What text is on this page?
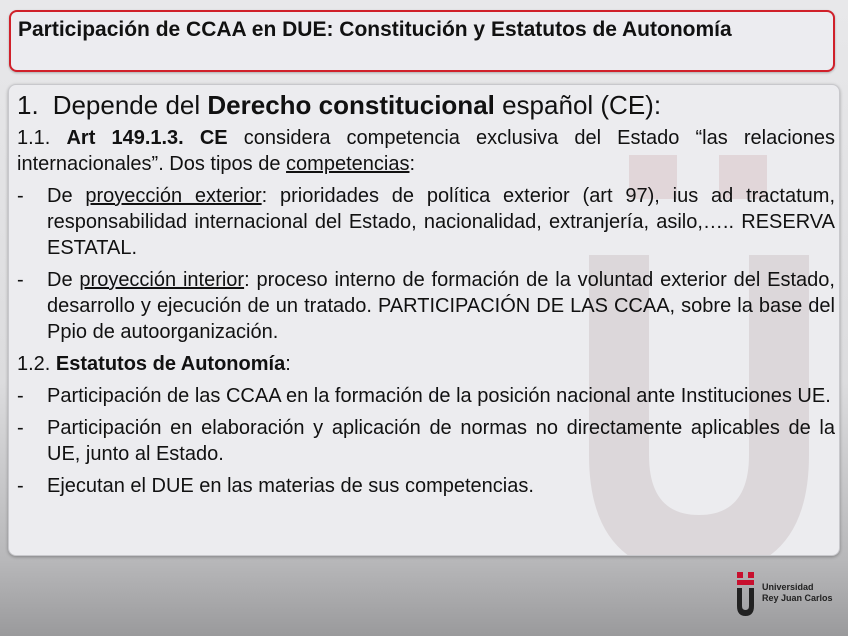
Participación de CCAA en DUE: Constitución y Estatutos de Autonomía
1. Depende del Derecho constitucional español (CE):
1.1. Art 149.1.3. CE considera competencia exclusiva del Estado “las relaciones internacionales”. Dos tipos de competencias:
- De proyección exterior: prioridades de política exterior (art 97), ius ad tractatum, responsabilidad internacional del Estado, nacionalidad, extranjería, asilo,….. RESERVA ESTATAL.
- De proyección interior: proceso interno de formación de la voluntad exterior del Estado, desarrollo y ejecución de un tratado. PARTICIPACIÓN DE LAS CCAA, sobre la base del Ppio de autoorganización.
1.2. Estatutos de Autonomía:
- Participación de las CCAA en la formación de la posición nacional ante Instituciones UE.
- Participación en elaboración y aplicación de normas no directamente aplicables de la UE, junto al Estado.
- Ejecutan el DUE en las materias de sus competencias.
Universidad
Rey Juan Carlos
